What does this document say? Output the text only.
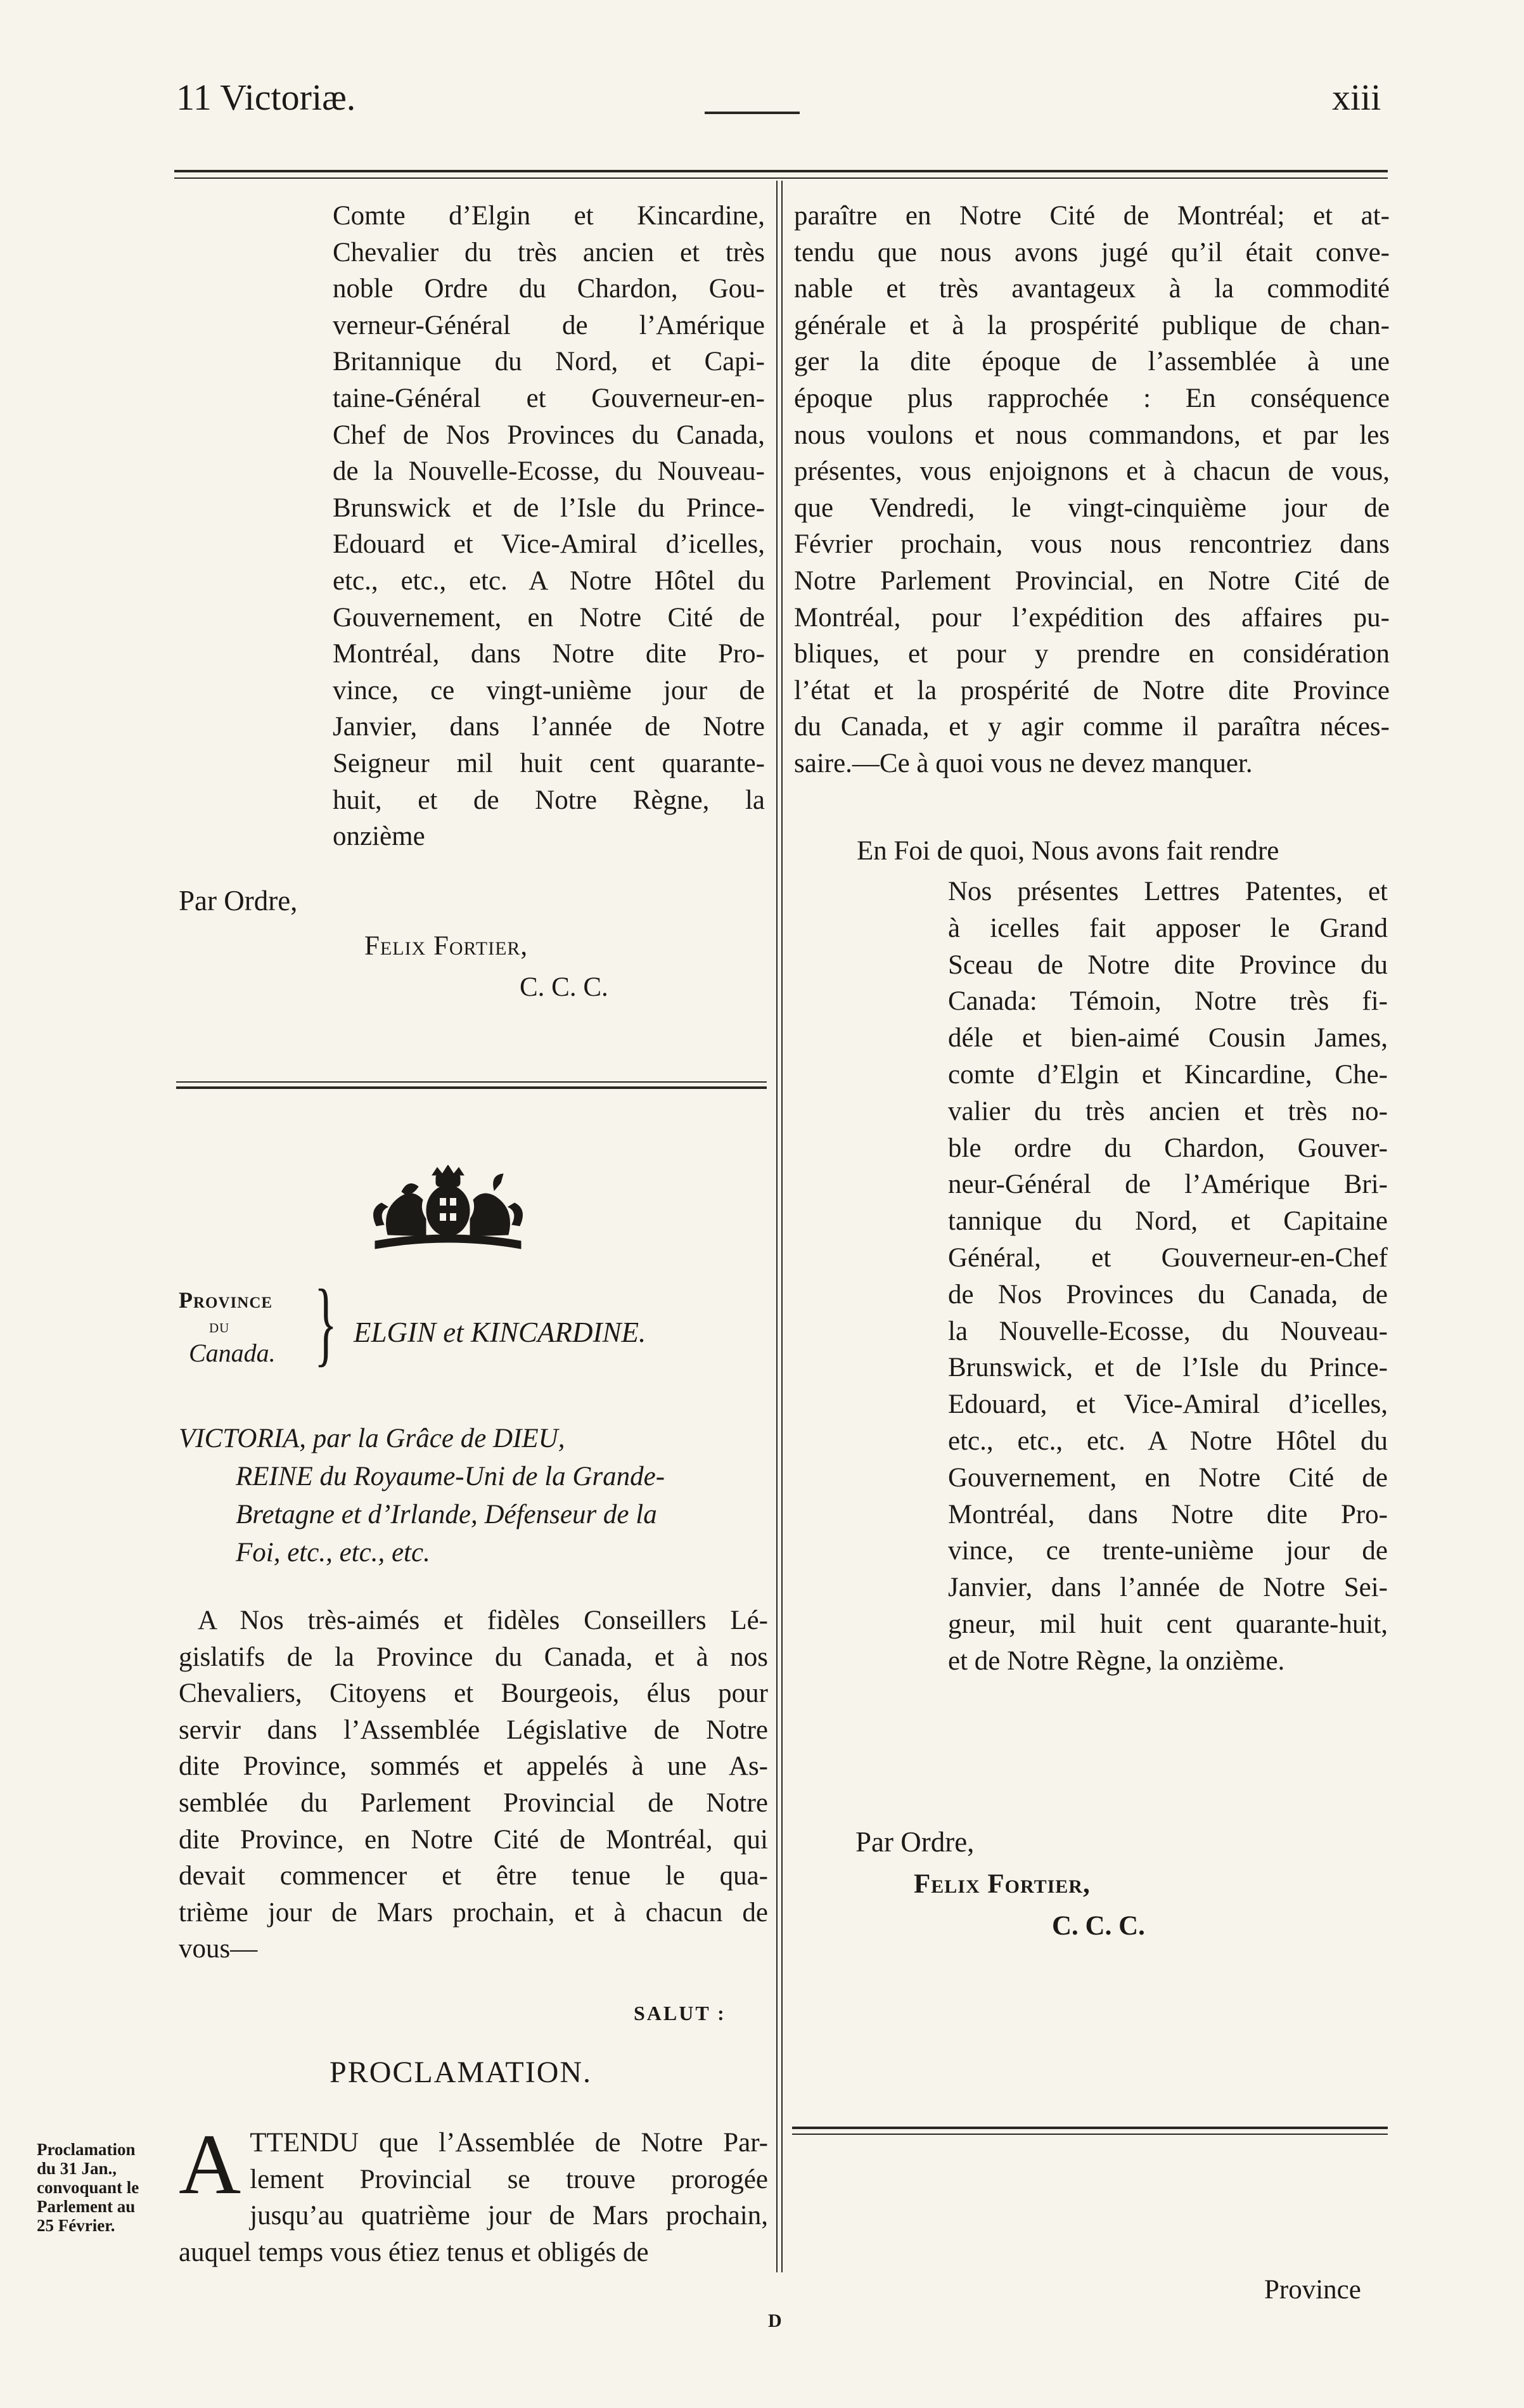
11 Victoriæ.	xiii
Comte d’Elgin et Kincardine,
Chevalier du très ancien et très
noble Ordre du Chardon, Gou-
verneur-Général de l’Amérique
Britannique du Nord, et Capi-
taine-Général et Gouverneur-en-
Chef de Nos Provinces du Canada,
de la Nouvelle-Ecosse, du Nouveau-
Brunswick et de l’Isle du Prince-
Edouard et Vice-Amiral d’icelles,
etc., etc., etc. A Notre Hôtel du
Gouvernement, en Notre Cité de
Montréal, dans Notre dite Pro-
vince, ce vingt-unième jour de
Janvier, dans l’année de Notre
Seigneur mil huit cent quarante-
huit, et de Notre Règne, la
onzième
Par Ordre,
Felix Fortier,
C. C. C.
Province
du
Canada. } ELGIN et KINCARDINE.
VICTORIA, par la Grâce de DIEU,
REINE du Royaume-Uni de la Grande-
Bretagne et d’Irlande, Défenseur de la
Foi, etc., etc., etc.
A Nos très-aimés et fidèles Conseillers Lé-
gislatifs de la Province du Canada, et à nos
Chevaliers, Citoyens et Bourgeois, élus pour
servir dans l’Assemblée Législative de Notre
dite Province, sommés et appelés à une As-
semblée du Parlement Provincial de Notre
dite Province, en Notre Cité de Montréal, qui
devait commencer et être tenue le qua-
trième jour de Mars prochain, et à chacun de
vous—
SALUT :
PROCLAMATION.
Proclamation
du 31 Jan.,
convoquant le
Parlement au
25 Février.
A TTENDU que l’Assemblée de Notre Par-
lement Provincial se trouve prorogée
jusqu’au quatrième jour de Mars prochain,
auquel temps vous étiez tenus et obligés de
paraître en Notre Cité de Montréal; et at-
tendu que nous avons jugé qu’il était conve-
nable et très avantageux à la commodité
générale et à la prospérité publique de chan-
ger la dite époque de l’assemblée à une
époque plus rapprochée : En conséquence
nous voulons et nous commandons, et par les
présentes, vous enjoignons et à chacun de vous,
que Vendredi, le vingt-cinquième jour de
Février prochain, vous nous rencontriez dans
Notre Parlement Provincial, en Notre Cité de
Montréal, pour l’expédition des affaires pu-
bliques, et pour y prendre en considération
l’état et la prospérité de Notre dite Province
du Canada, et y agir comme il paraîtra néces-
saire.—Ce à quoi vous ne devez manquer.
En Foi de quoi, Nous avons fait rendre
Nos présentes Lettres Patentes, et
à icelles fait apposer le Grand
Sceau de Notre dite Province du
Canada: Témoin, Notre très fi-
déle et bien-aimé Cousin James,
comte d’Elgin et Kincardine, Che-
valier du très ancien et très no-
ble ordre du Chardon, Gouver-
neur-Général de l’Amérique Bri-
tannique du Nord, et Capitaine
Général, et Gouverneur-en-Chef
de Nos Provinces du Canada, de
la Nouvelle-Ecosse, du Nouveau-
Brunswick, et de l’Isle du Prince-
Edouard, et Vice-Amiral d’icelles,
etc., etc., etc. A Notre Hôtel du
Gouvernement, en Notre Cité de
Montréal, dans Notre dite Pro-
vince, ce trente-unième jour de
Janvier, dans l’année de Notre Sei-
gneur, mil huit cent quarante-huit,
et de Notre Règne, la onzième.
Par Ordre,
Felix Fortier,
C. C. C.
Province
D
